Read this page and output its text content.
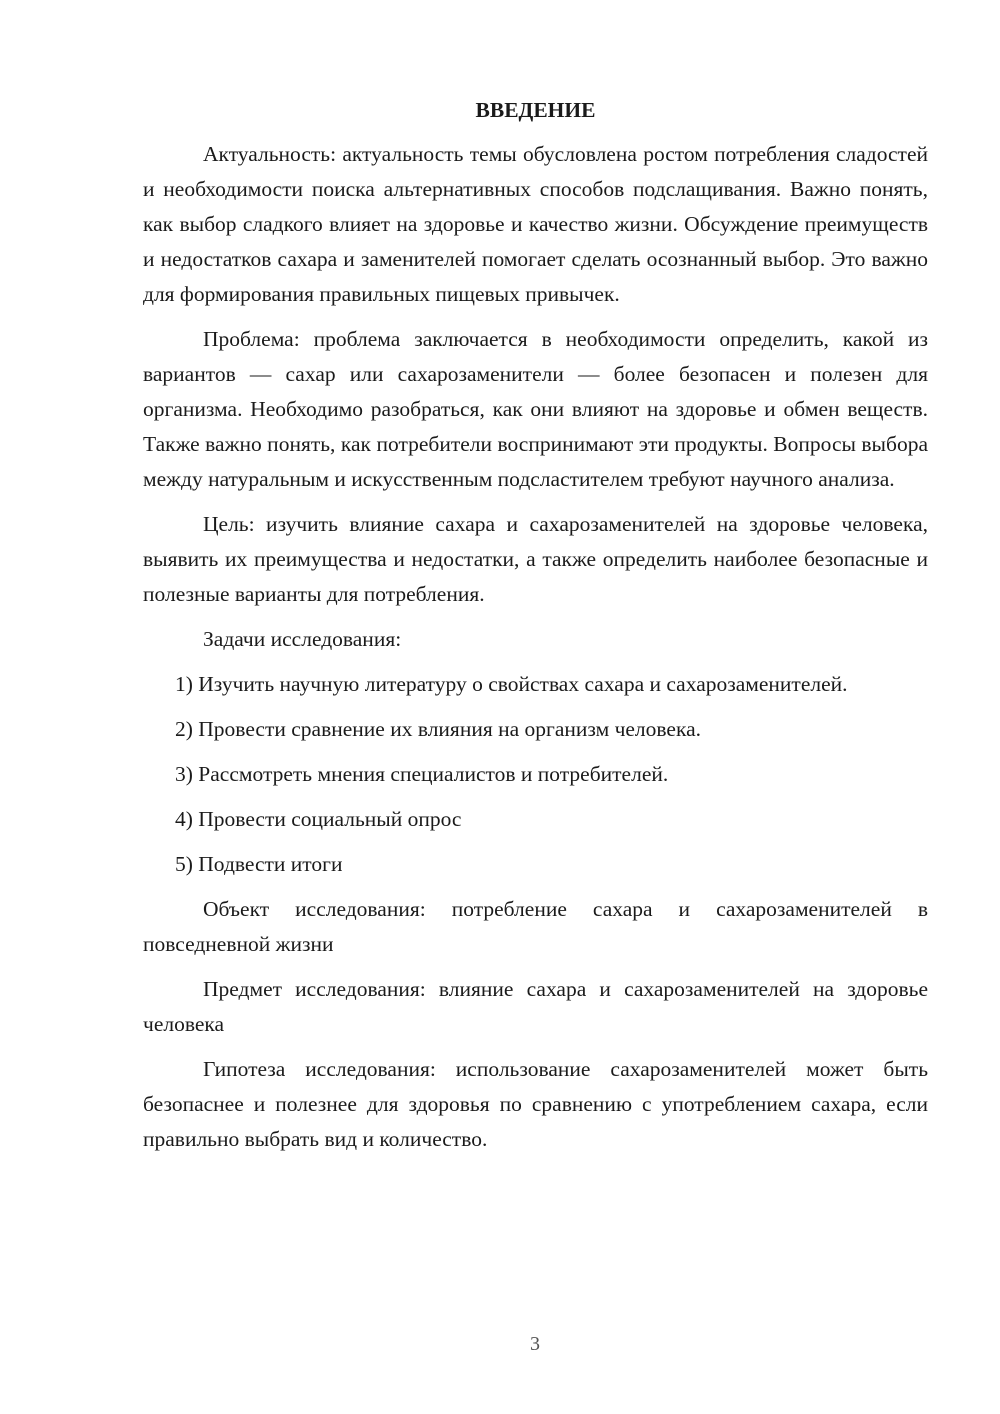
ВВЕДЕНИЕ

Актуальность: актуальность темы обусловлена ростом потребления сладостей и необходимости поиска альтернативных способов подслащивания. Важно понять, как выбор сладкого влияет на здоровье и качество жизни. Обсуждение преимуществ и недостатков сахара и заменителей помогает сделать осознанный выбор. Это важно для формирования правильных пищевых привычек.

Проблема: проблема заключается в необходимости определить, какой из вариантов — сахар или сахарозаменители — более безопасен и полезен для организма. Необходимо разобраться, как они влияют на здоровье и обмен веществ. Также важно понять, как потребители воспринимают эти продукты. Вопросы выбора между натуральным и искусственным подсластителем требуют научного анализа.

Цель: изучить влияние сахара и сахарозаменителей на здоровье человека, выявить их преимущества и недостатки, а также определить наиболее безопасные и полезные варианты для потребления.

Задачи исследования:

1) Изучить научную литературу о свойствах сахара и сахарозаменителей.

2) Провести сравнение их влияния на организм человека.

3) Рассмотреть мнения специалистов и потребителей.

4) Провести социальный опрос

5) Подвести итоги

Объект исследования: потребление сахара и сахарозаменителей в повседневной жизни

Предмет исследования: влияние сахара и сахарозаменителей на здоровье человека

Гипотеза исследования: использование сахарозаменителей может быть безопаснее и полезнее для здоровья по сравнению с употреблением сахара, если правильно выбрать вид и количество.

3
